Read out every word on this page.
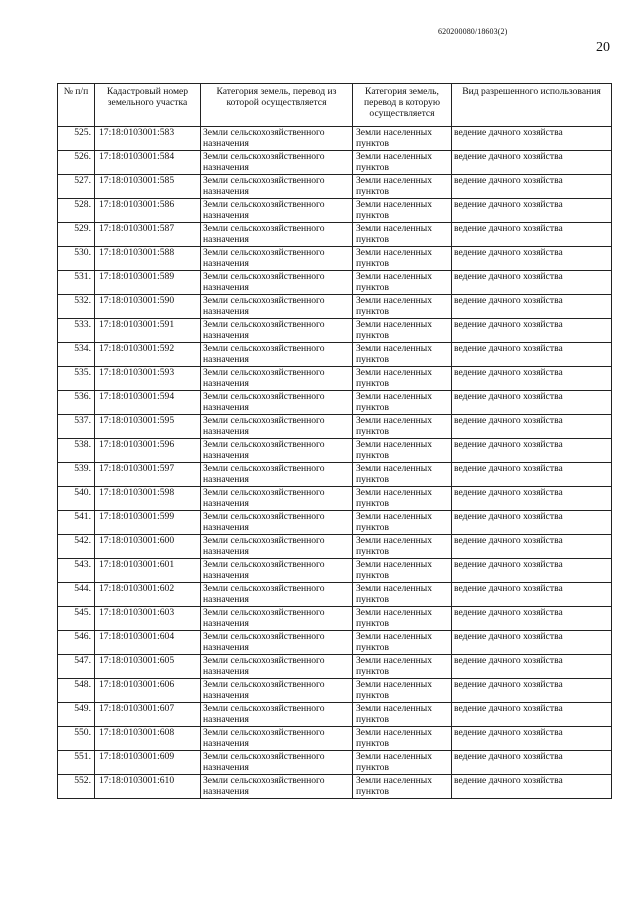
620200080/18603(2)
20
№ п/п	Кадастровый номер земельного участка	Категория земель, перевод из которой осуществляется	Категория земель, перевод в которую осуществляется	Вид разрешенного использования
525.	17:18:0103001:583	Земли сельскохозяйственного назначения	Земли населенных пунктов	ведение дачного хозяйства
526.	17:18:0103001:584	Земли сельскохозяйственного назначения	Земли населенных пунктов	ведение дачного хозяйства
527.	17:18:0103001:585	Земли сельскохозяйственного назначения	Земли населенных пунктов	ведение дачного хозяйства
528.	17:18:0103001:586	Земли сельскохозяйственного назначения	Земли населенных пунктов	ведение дачного хозяйства
529.	17:18:0103001:587	Земли сельскохозяйственного назначения	Земли населенных пунктов	ведение дачного хозяйства
530.	17:18:0103001:588	Земли сельскохозяйственного назначения	Земли населенных пунктов	ведение дачного хозяйства
531.	17:18:0103001:589	Земли сельскохозяйственного назначения	Земли населенных пунктов	ведение дачного хозяйства
532.	17:18:0103001:590	Земли сельскохозяйственного назначения	Земли населенных пунктов	ведение дачного хозяйства
533.	17:18:0103001:591	Земли сельскохозяйственного назначения	Земли населенных пунктов	ведение дачного хозяйства
534.	17:18:0103001:592	Земли сельскохозяйственного назначения	Земли населенных пунктов	ведение дачного хозяйства
535.	17:18:0103001:593	Земли сельскохозяйственного назначения	Земли населенных пунктов	ведение дачного хозяйства
536.	17:18:0103001:594	Земли сельскохозяйственного назначения	Земли населенных пунктов	ведение дачного хозяйства
537.	17:18:0103001:595	Земли сельскохозяйственного назначения	Земли населенных пунктов	ведение дачного хозяйства
538.	17:18:0103001:596	Земли сельскохозяйственного назначения	Земли населенных пунктов	ведение дачного хозяйства
539.	17:18:0103001:597	Земли сельскохозяйственного назначения	Земли населенных пунктов	ведение дачного хозяйства
540.	17:18:0103001:598	Земли сельскохозяйственного назначения	Земли населенных пунктов	ведение дачного хозяйства
541.	17:18:0103001:599	Земли сельскохозяйственного назначения	Земли населенных пунктов	ведение дачного хозяйства
542.	17:18:0103001:600	Земли сельскохозяйственного назначения	Земли населенных пунктов	ведение дачного хозяйства
543.	17:18:0103001:601	Земли сельскохозяйственного назначения	Земли населенных пунктов	ведение дачного хозяйства
544.	17:18:0103001:602	Земли сельскохозяйственного назначения	Земли населенных пунктов	ведение дачного хозяйства
545.	17:18:0103001:603	Земли сельскохозяйственного назначения	Земли населенных пунктов	ведение дачного хозяйства
546.	17:18:0103001:604	Земли сельскохозяйственного назначения	Земли населенных пунктов	ведение дачного хозяйства
547.	17:18:0103001:605	Земли сельскохозяйственного назначения	Земли населенных пунктов	ведение дачного хозяйства
548.	17:18:0103001:606	Земли сельскохозяйственного назначения	Земли населенных пунктов	ведение дачного хозяйства
549.	17:18:0103001:607	Земли сельскохозяйственного назначения	Земли населенных пунктов	ведение дачного хозяйства
550.	17:18:0103001:608	Земли сельскохозяйственного назначения	Земли населенных пунктов	ведение дачного хозяйства
551.	17:18:0103001:609	Земли сельскохозяйственного назначения	Земли населенных пунктов	ведение дачного хозяйства
552.	17:18:0103001:610	Земли сельскохозяйственного назначения	Земли населенных пунктов	ведение дачного хозяйства
